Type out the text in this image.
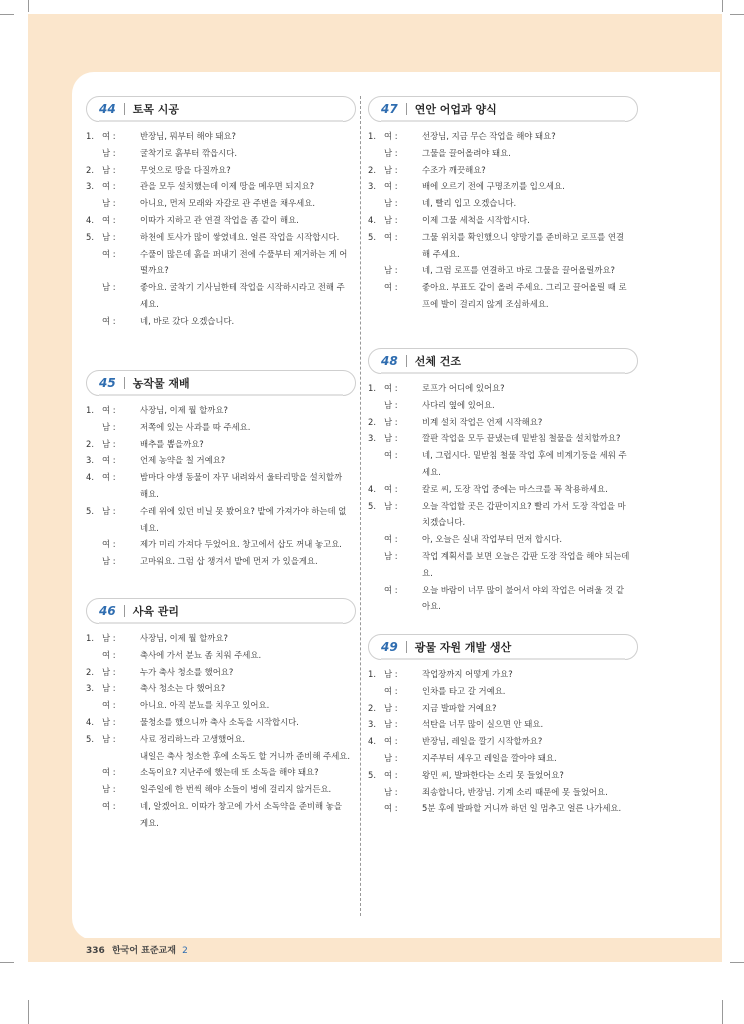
44 토목 시공
1. 여 :	반장님, 뭐부터 해야 돼요?
남 :	굴착기로 흙부터 깎읍시다.
2. 남 :	무엇으로 땅을 다질까요?
3. 여 :	관을 모두 설치했는데 이제 땅을 메우면 되지요?
남 :	아니요, 먼저 모래와 자갈로 관 주변을 채우세요.
4. 여 :	이따가 지하고 관 연결 작업을 좀 같이 해요.
5. 남 :	하천에 토사가 많이 쌓였네요. 얼른 작업을 시작합시다.
여 :	수풀이 많은데 흙을 퍼내기 전에 수풀부터 제거하는 게 어
떨까요?
남 :	좋아요. 굴착기 기사님한테 작업을 시작하시라고 전해 주
세요.
여 :	네, 바로 갔다 오겠습니다.
45 농작물 재배
1. 여 :	사장님, 이제 뭘 할까요?
남 :	저쪽에 있는 사과를 따 주세요.
2. 남 :	배추를 뽑을까요?
3. 여 :	언제 농약을 칠 거예요?
4. 여 :	밤마다 야생 동물이 자꾸 내려와서 울타리망을 설치할까
해요.
5. 남 :	수레 위에 있던 비닐 못 봤어요? 밭에 가져가야 하는데 없
네요.
여 :	제가 미리 가져다 두었어요. 창고에서 삽도 꺼내 놓고요.
남 :	고마워요. 그럼 삽 챙겨서 밭에 먼저 가 있을게요.
46 사육 관리
1. 남 :	사장님, 이제 뭘 할까요?
여 :	축사에 가서 분뇨 좀 치워 주세요.
2. 남 :	누가 축사 청소를 했어요?
3. 남 :	축사 청소는 다 했어요?
여 :	아니요. 아직 분뇨를 치우고 있어요.
4. 남 :	물청소를 했으니까 축사 소독을 시작합시다.
5. 남 :	사료 정리하느라 고생했어요.
내일은 축사 청소한 후에 소독도 할 거니까 준비해 주세요.
여 :	소독이요? 지난주에 했는데 또 소독을 해야 돼요?
남 :	일주일에 한 번씩 해야 소들이 병에 걸리지 않거든요.
여 :	네, 알겠어요. 이따가 창고에 가서 소독약을 준비해 놓을
게요.
47 연안 어업과 양식
1. 여 :	선장님, 지금 무슨 작업을 해야 돼요?
남 :	그물을 끌어올려야 돼요.
2. 남 :	수조가 깨끗해요?
3. 여 :	배에 오르기 전에 구명조끼를 입으세요.
남 :	네, 빨리 입고 오겠습니다.
4. 남 :	이제 그물 세척을 시작합시다.
5. 여 :	그물 위치를 확인했으니 양망기를 준비하고 로프를 연결
해 주세요.
남 :	네, 그럼 로프를 연결하고 바로 그물을 끌어올릴까요?
여 :	좋아요. 부표도 같이 올려 주세요. 그리고 끌어올릴 때 로
프에 발이 걸리지 않게 조심하세요.
48 선체 건조
1. 여 :	로프가 어디에 있어요?
남 :	사다리 옆에 있어요.
2. 남 :	비계 설치 작업은 언제 시작해요?
3. 남 :	깔판 작업을 모두 끝냈는데 밑받침 철물을 설치할까요?
여 :	네, 그럽시다. 밑받침 철물 작업 후에 비계기둥을 세워 주
세요.
4. 여 :	칼로 씨, 도장 작업 중에는 마스크를 꼭 착용하세요.
5. 남 :	오늘 작업할 곳은 갑판이지요? 빨리 가서 도장 작업을 마
치겠습니다.
여 :	아, 오늘은 실내 작업부터 먼저 합시다.
남 :	작업 계획서를 보면 오늘은 갑판 도장 작업을 해야 되는데요.
여 :	오늘 바람이 너무 많이 불어서 야외 작업은 어려울 것 같
아요.
49 광물 자원 개발 생산
1. 남 :	작업장까지 어떻게 가요?
여 :	인차를 타고 갈 거예요.
2. 남 :	지금 발파할 거예요?
3. 남 :	석탄을 너무 많이 실으면 안 돼요.
4. 여 :	반장님, 레일을 깔기 시작할까요?
남 :	지주부터 세우고 레일을 깔아야 돼요.
5. 여 :	왕민 씨, 발파한다는 소리 못 들었어요?
남 :	죄송합니다, 반장님. 기계 소리 때문에 못 들었어요.
여 :	5분 후에 발파할 거니까 하던 일 멈추고 얼른 나가세요.
336 한국어 표준교재 2
